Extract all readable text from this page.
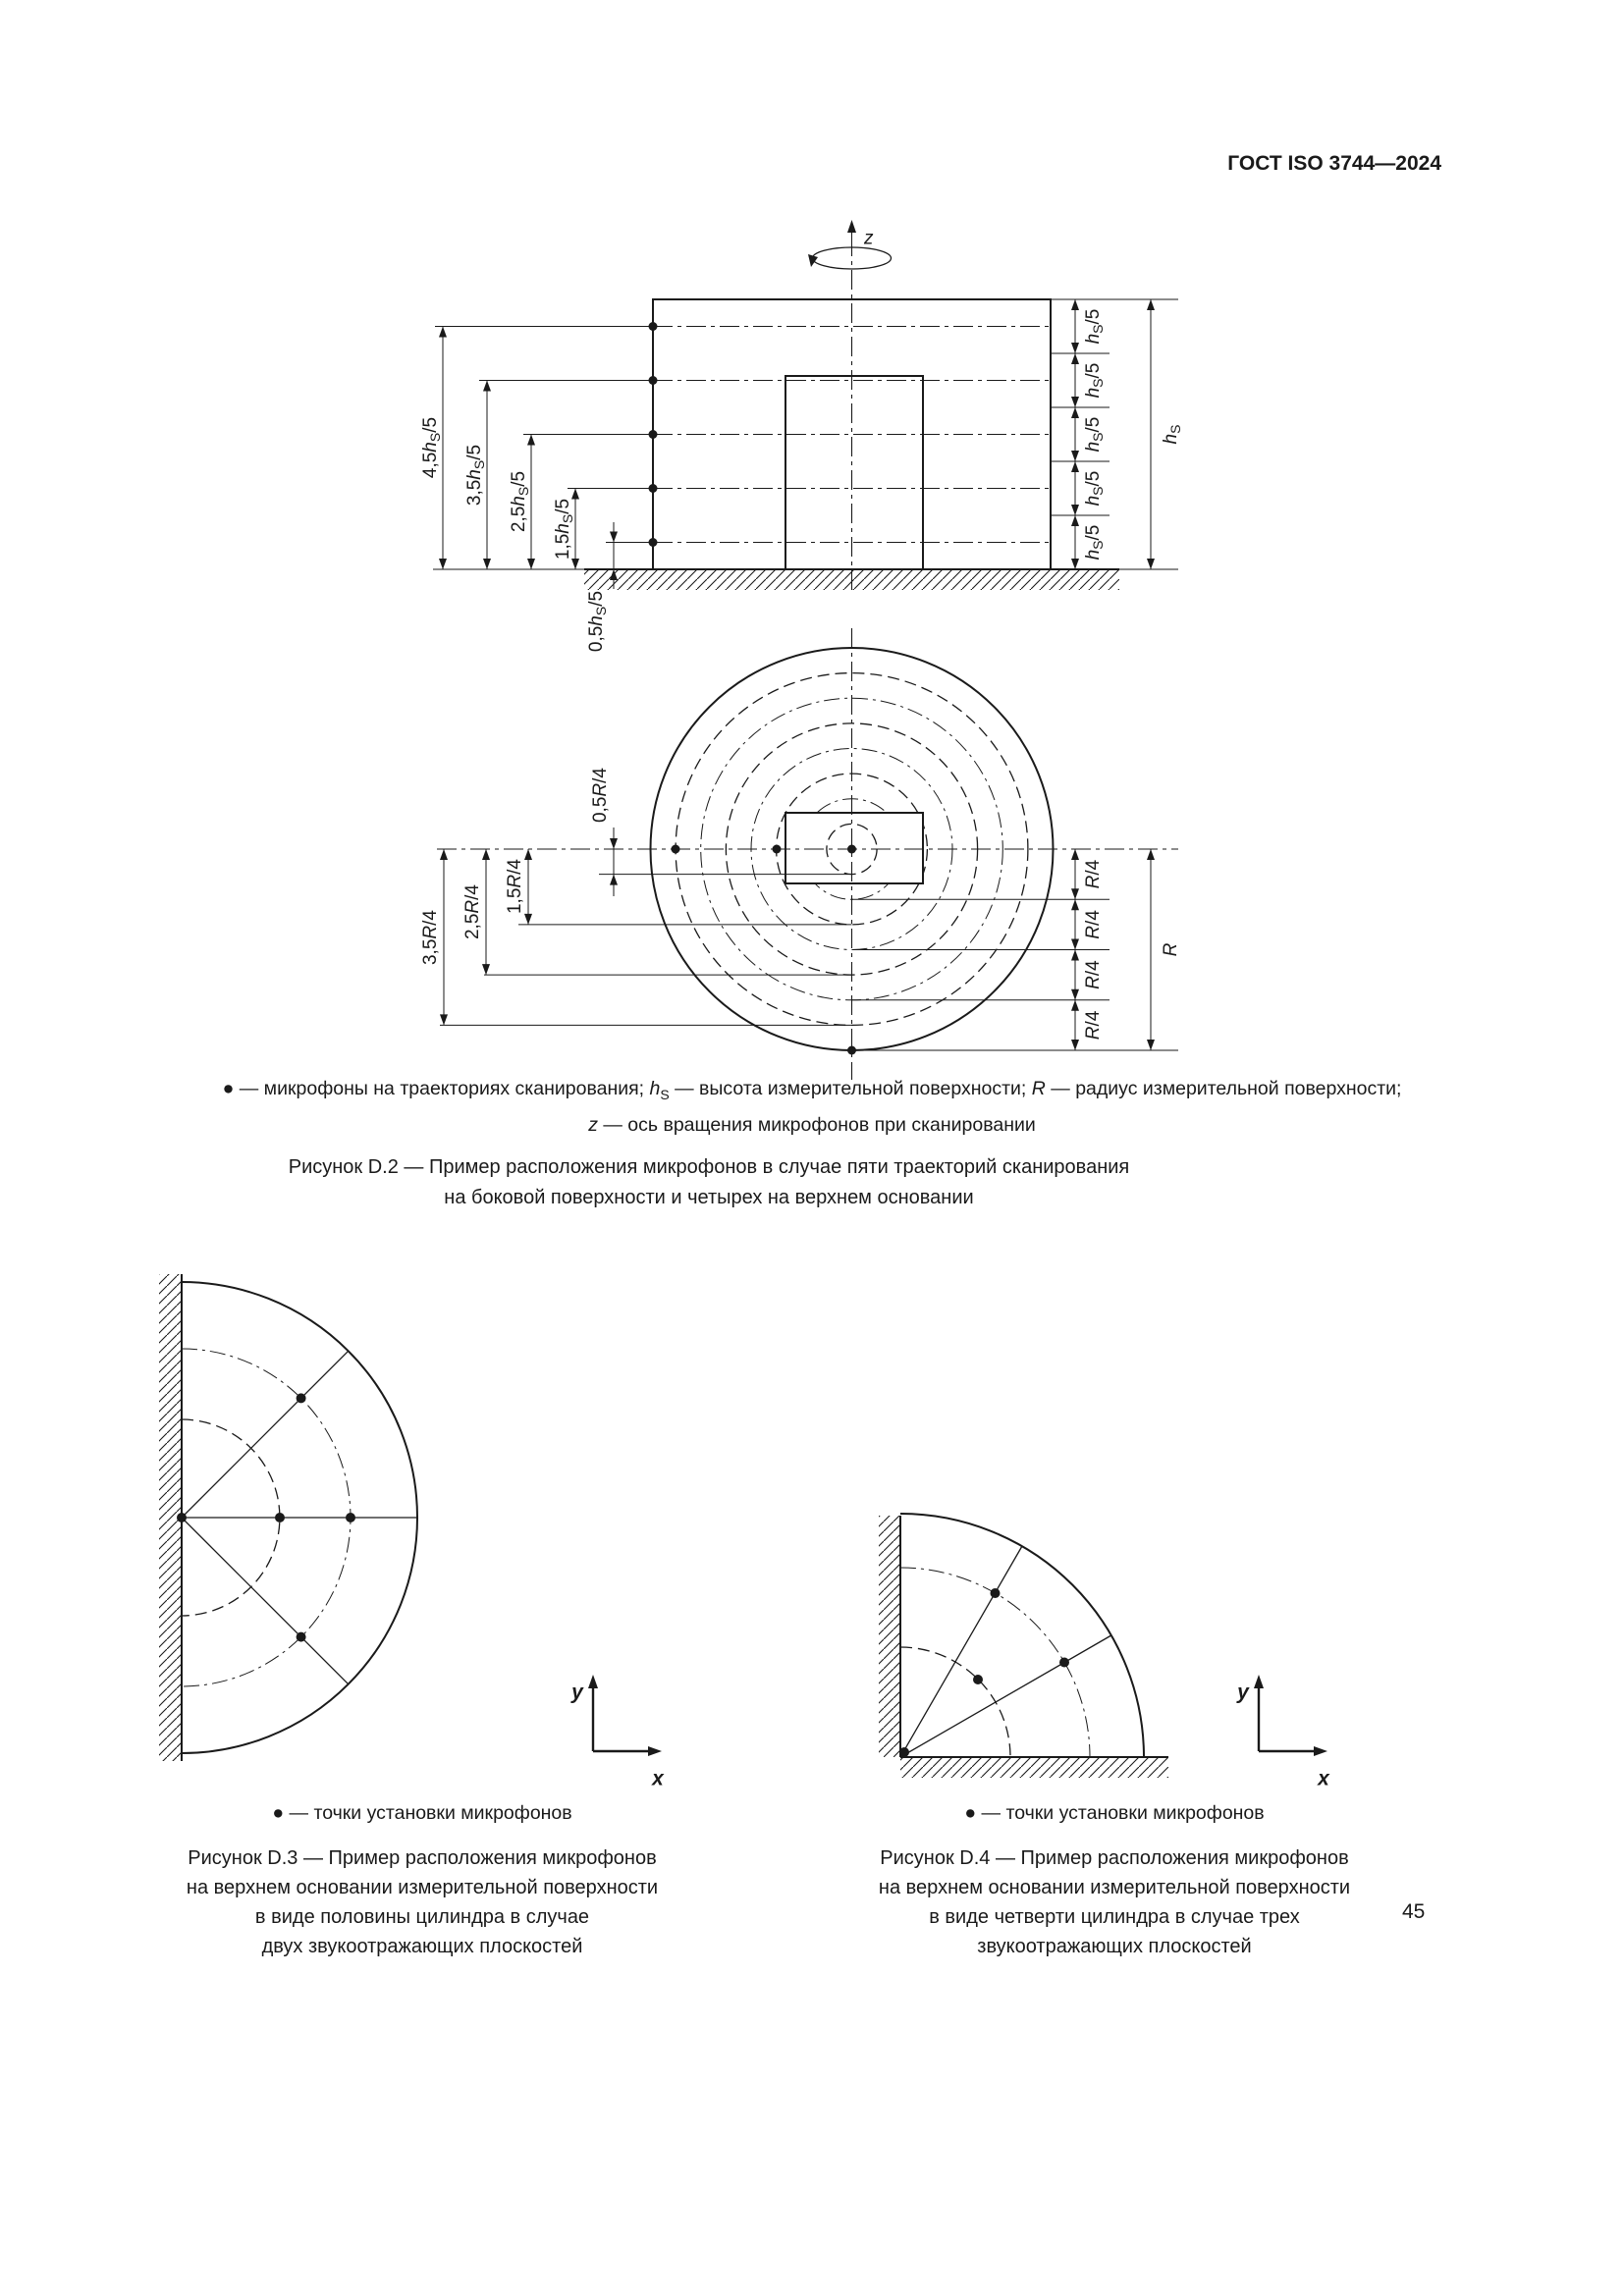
ГОСТ ISO 3744—2024
z
$4,5h_S/5$
$3,5h_S/5$
$2,5h_S/5$
$1,5h_S/5$
$0,5h_S/5$
$h_S/5$
$h_S/5$
$h_S/5$
$h_S/5$
$h_S/5$
$h_S$
0,5R/4
1,5R/4
2,5R/4
3,5R/4
R/4
R/4
R/4
R/4
R
y
x
y
x
● — микрофоны на траекториях сканирования; $h_S$ — высота измерительной поверхности; R — радиус измерительной поверхности;
z — ось вращения микрофонов при сканировании
Рисунок D.2 — Пример расположения микрофонов в случае пяти траекторий сканирования
на боковой поверхности и четырех на верхнем основании
● — точки установки микрофонов
Рисунок D.3 — Пример расположения микрофонов
на верхнем основании измерительной поверхности
в виде половины цилиндра в случае
двух звукоотражающих плоскостей
● — точки установки микрофонов
Рисунок D.4 — Пример расположения микрофонов
на верхнем основании измерительной поверхности
в виде четверти цилиндра в случае трех
звукоотражающих плоскостей
45
